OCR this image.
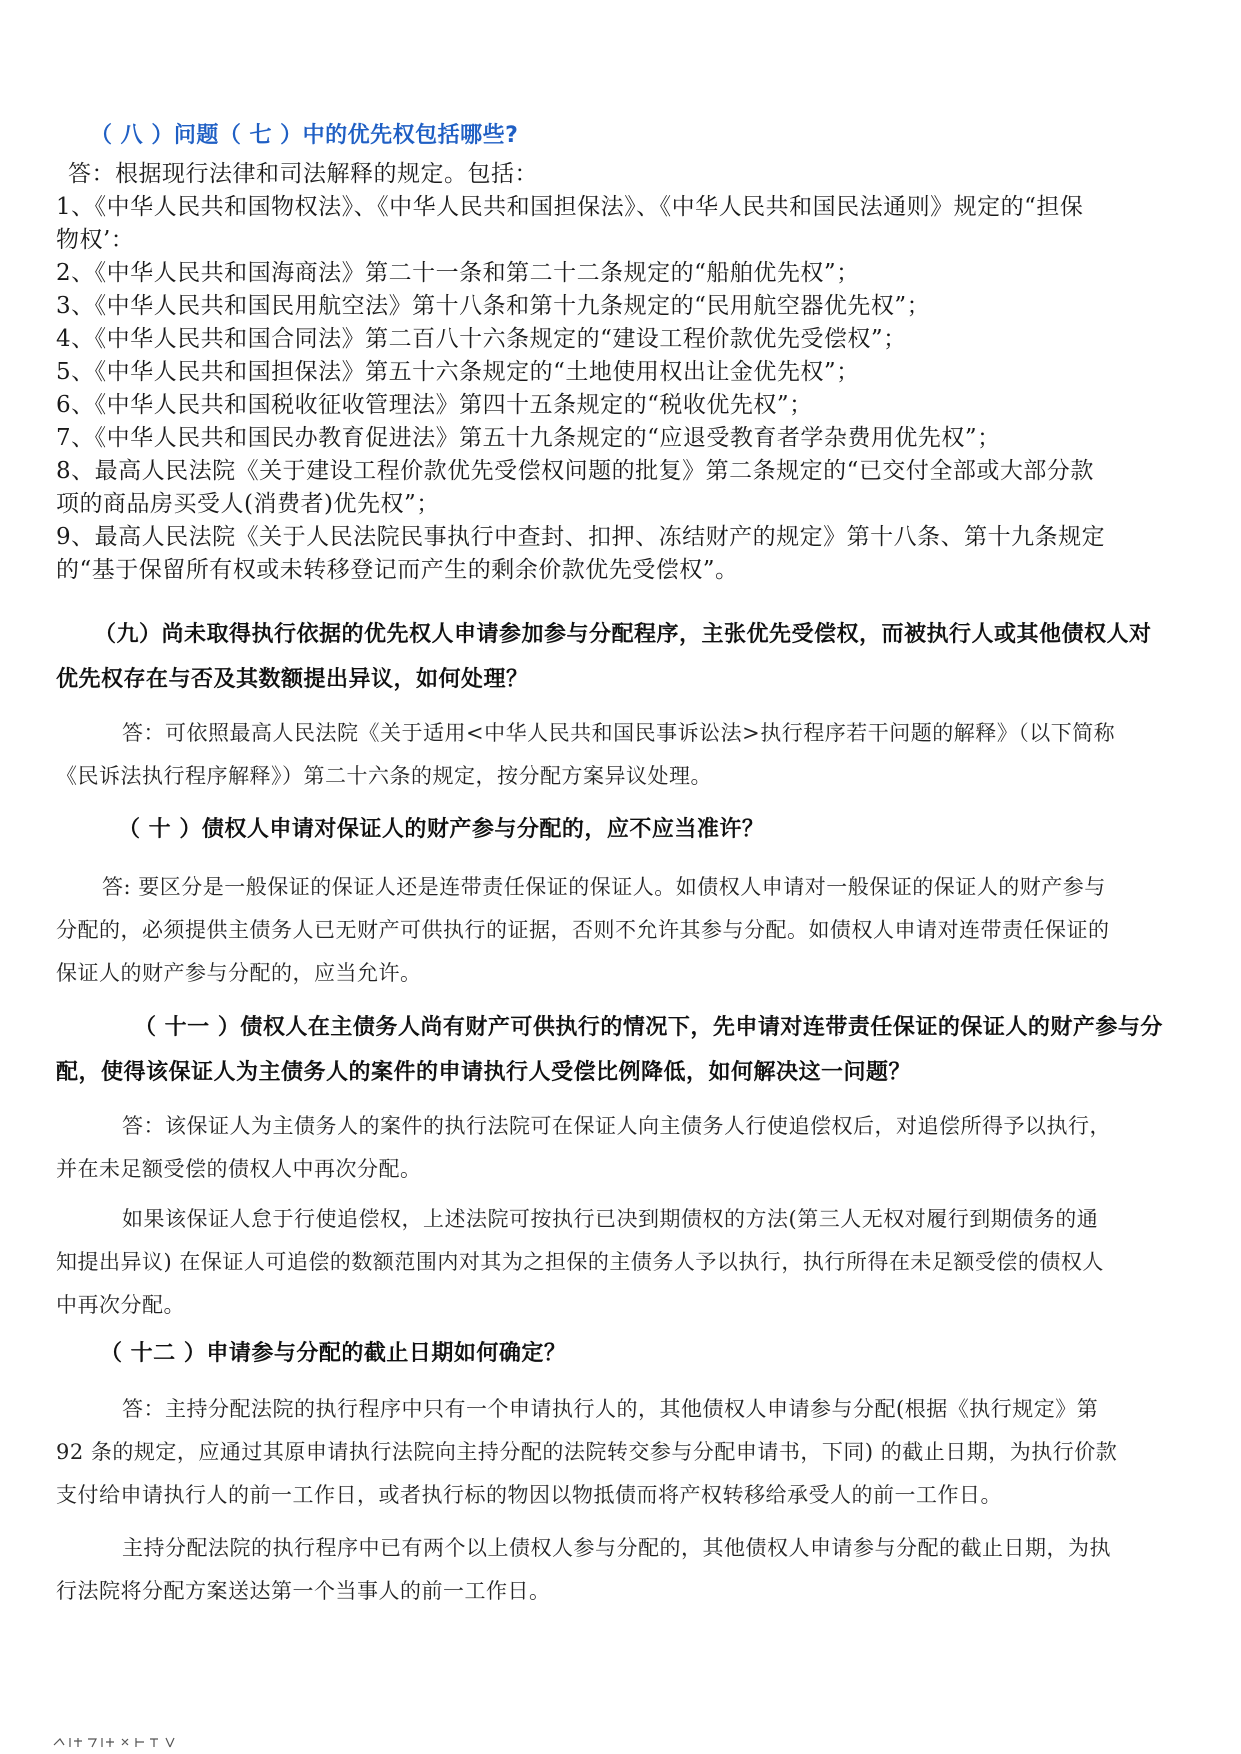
（ 八 ）问题（ 七 ）中的优先权包括哪些?
答：根据现行法律和司法解释的规定。包括：
1、《中华人民共和国物权法》、《中华人民共和国担保法》、《中华人民共和国民法通则》规定的“担保
物权’：
2、《中华人民共和国海商法》第二十一条和第二十二条规定的“船舶优先权”；
3、《中华人民共和国民用航空法》第十八条和第十九条规定的“民用航空器优先权”；
4、《中华人民共和国合同法》第二百八十六条规定的“建设工程价款优先受偿权”；
5、《中华人民共和国担保法》第五十六条规定的“土地使用权出让金优先权”；
6、《中华人民共和国税收征收管理法》第四十五条规定的“税收优先权”；
7、《中华人民共和国民办教育促进法》第五十九条规定的“应退受教育者学杂费用优先权”；
8、最高人民法院《关于建设工程价款优先受偿权问题的批复》第二条规定的“已交付全部或大部分款
项的商品房买受人(消费者)优先权”；
9、最高人民法院《关于人民法院民事执行中查封、扣押、冻结财产的规定》第十八条、第十九条规定
的“基于保留所有权或未转移登记而产生的剩余价款优先受偿权”。
（九）尚未取得执行依据的优先权人申请参加参与分配程序，主张优先受偿权，而被执行人或其他债权人对
优先权存在与否及其数额提出异议，如何处理？
答：可依照最高人民法院《关于适用<中华人民共和国民事诉讼法>执行程序若干问题的解释》（以下简称
《民诉法执行程序解释》）第二十六条的规定，按分配方案异议处理。
（ 十 ）债权人申请对保证人的财产参与分配的，应不应当准许？
答: 要区分是一般保证的保证人还是连带责任保证的保证人。如债权人申请对一般保证的保证人的财产参与
分配的，必须提供主债务人已无财产可供执行的证据，否则不允许其参与分配。如债权人申请对连带责任保证的
保证人的财产参与分配的，应当允许。
（ 十一 ）债权人在主债务人尚有财产可供执行的情况下，先申请对连带责任保证的保证人的财产参与分
配，使得该保证人为主债务人的案件的申请执行人受偿比例降低，如何解决这一问题？
答：该保证人为主债务人的案件的执行法院可在保证人向主债务人行使追偿权后，对追偿所得予以执行，
并在未足额受偿的债权人中再次分配。
如果该保证人怠于行使追偿权，上述法院可按执行已决到期债权的方法(第三人无权对履行到期债务的通
知提出异议) 在保证人可追偿的数额范围内对其为之担保的主债务人予以执行，执行所得在未足额受偿的债权人
中再次分配。
（ 十二 ）申请参与分配的截止日期如何确定？
答：主持分配法院的执行程序中只有一个申请执行人的，其他债权人申请参与分配(根据《执行规定》第
92 条的规定，应通过其原申请执行法院向主持分配的法院转交参与分配申请书，下同) 的截止日期，为执行价款
支付给申请执行人的前一工作日，或者执行标的物因以物抵债而将产权转移给承受人的前一工作日。
主持分配法院的执行程序中已有两个以上债权人参与分配的，其他债权人申请参与分配的截止日期，为执
行法院将分配方案送达第一个当事人的前一工作日。
